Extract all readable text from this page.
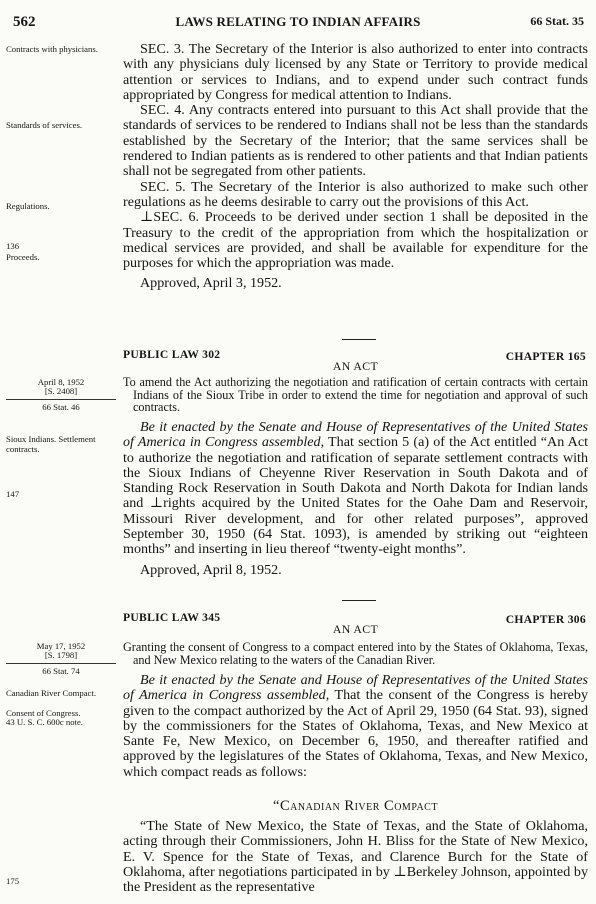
LAWS RELATING TO INDIAN AFFAIRS
562	66 Stat. 35
Contracts with physicians.
Standards of services.
Regulations.
136
Proceeds.

SEC. 3. The Secretary of the Interior is also authorized to enter into contracts with any physicians duly licensed by any State or Territory to provide medical attention or services to Indians, and to expend under such contract funds appropriated by Congress for medical attention to Indians.

SEC. 4. Any contracts entered into pursuant to this Act shall provide that the standards of services to be rendered to Indians shall not be less than the standards established by the Secretary of the Interior; that the same services shall be rendered to Indian patients as is rendered to other patients and that Indian patients shall not be segregated from other patients.

SEC. 5. The Secretary of the Interior is also authorized to make such other regulations as he deems desirable to carry out the provisions of this Act.

⊥SEC. 6. Proceeds to be derived under section 1 shall be deposited in the Treasury to the credit of the appropriation from which the hospitalization or medical services are provided, and shall be available for expenditure for the purposes for which the appropriation was made.

Approved, April 3, 1952.

PUBLIC LAW 302	CHAPTER 165
AN ACT
April 8, 1952
[S. 2408]
66 Stat. 46

To amend the Act authorizing the negotiation and ratification of certain contracts with certain Indians of the Sioux Tribe in order to extend the time for negotiation and approval of such contracts.

Sioux Indians. Settlement contracts.
147

Be it enacted by the Senate and House of Representatives of the United States of America in Congress assembled, That section 5 (a) of the Act entitled “An Act to authorize the negotiation and ratification of separate settlement contracts with the Sioux Indians of Cheyenne River Reservation in South Dakota and of Standing Rock Reservation in South Dakota and North Dakota for Indian lands and ⊥rights acquired by the United States for the Oahe Dam and Reservoir, Missouri River development, and for other related purposes”, approved September 30, 1950 (64 Stat. 1093), is amended by striking out “eighteen months” and inserting in lieu thereof “twenty-eight months”.

Approved, April 8, 1952.

PUBLIC LAW 345	CHAPTER 306
AN ACT
May 17, 1952
[S. 1798]
66 Stat. 74

Granting the consent of Congress to a compact entered into by the States of Oklahoma, Texas, and New Mexico relating to the waters of the Canadian River.

Canadian River Compact.
Consent of Congress.
43 U. S. C. 600c note.

Be it enacted by the Senate and House of Representatives of the United States of America in Congress assembled, That the consent of the Congress is hereby given to the compact authorized by the Act of April 29, 1950 (64 Stat. 93), signed by the commissioners for the States of Oklahoma, Texas, and New Mexico at Sante Fe, New Mexico, on December 6, 1950, and thereafter ratified and approved by the legislatures of the States of Oklahoma, Texas, and New Mexico, which compact reads as follows:

“Canadian River Compact

“The State of New Mexico, the State of Texas, and the State of Oklahoma, acting through their Commissioners, John H. Bliss for the State of New Mexico, E. V. Spence for the State of Texas, and Clarence Burch for the State of Oklahoma, after negotiations participated in by ⊥Berkeley Johnson, appointed by the President as the representative

175
